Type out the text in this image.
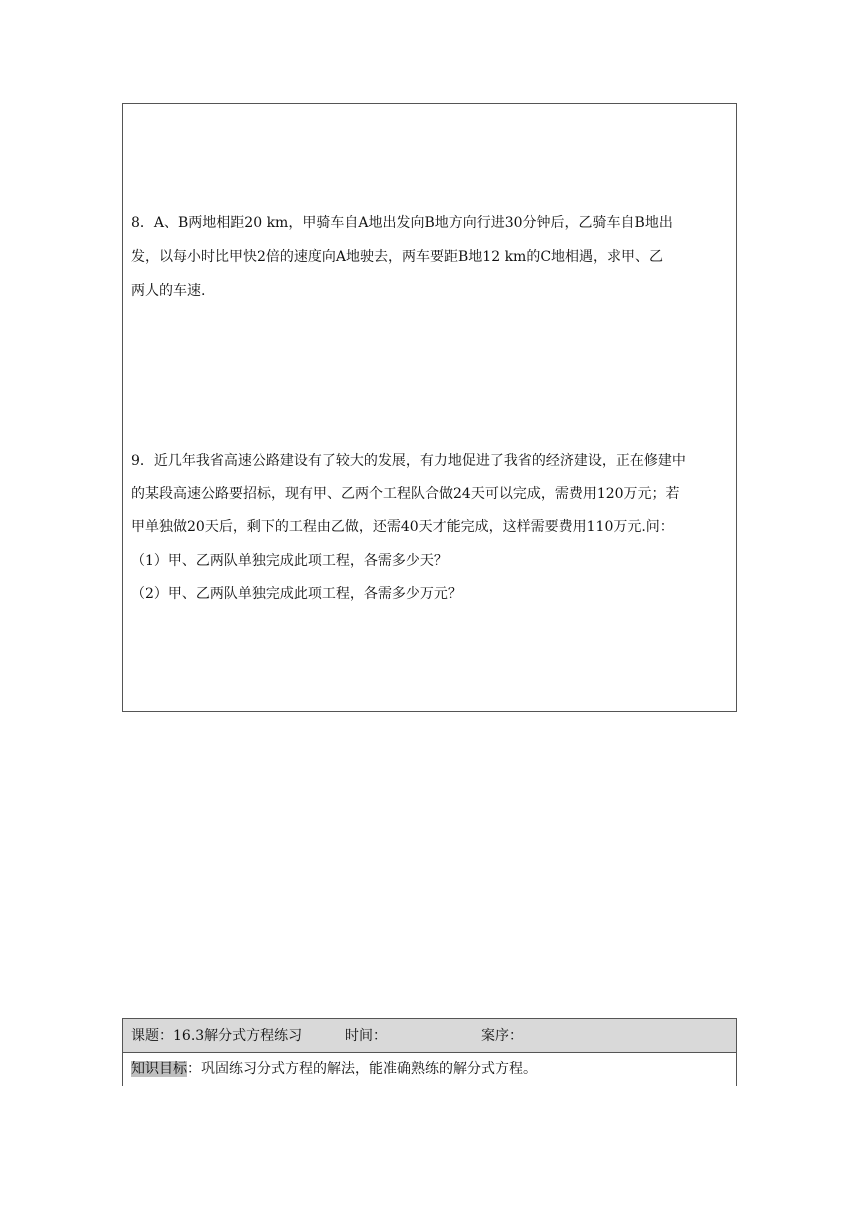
8．A、B两地相距20 km，甲骑车自A地出发向B地方向行进30分钟后，乙骑车自B地出
发，以每小时比甲快2倍的速度向A地驶去，两车要距B地12 km的C地相遇，求甲、乙
两人的车速.
9．近几年我省高速公路建设有了较大的发展，有力地促进了我省的经济建设，正在修建中
的某段高速公路要招标，现有甲、乙两个工程队合做24天可以完成，需费用120万元；若
甲单独做20天后，剩下的工程由乙做，还需40天才能完成，这样需要费用110万元.问：
（1）甲、乙两队单独完成此项工程，各需多少天？
（2）甲、乙两队单独完成此项工程，各需多少万元？
课题：16.3解分式方程练习	时间：	案序：
知识目标：巩固练习分式方程的解法，能准确熟练的解分式方程。
